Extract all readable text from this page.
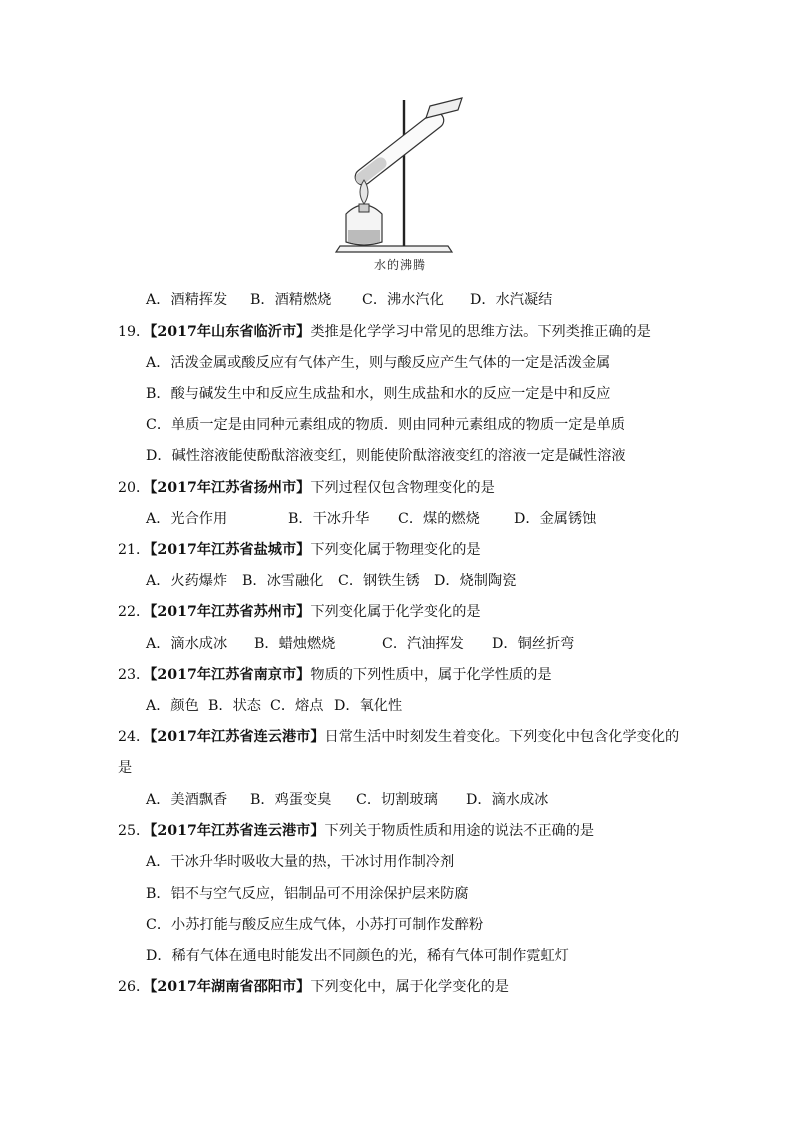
水的沸腾
A．酒精挥发 B．酒精燃烧 C．沸水汽化 D．水汽凝结
19．【2017年山东省临沂市】类推是化学学习中常见的思维方法。下列类推正确的是
A．活泼金属或酸反应有气体产生，则与酸反应产生气体的一定是活泼金属
B．酸与碱发生中和反应生成盐和水，则生成盐和水的反应一定是中和反应
C．单质一定是由同种元素组成的物质．则由同种元素组成的物质一定是单质
D．碱性溶液能使酚酞溶液变红，则能使阶酞溶液变红的溶液一定是碱性溶液
20．【2017年江苏省扬州市】下列过程仅包含物理变化的是
A．光合作用	B．干冰升华 C．煤的燃烧 D．金属锈蚀
21．【2017年江苏省盐城市】下列变化属于物理变化的是
A．火药爆炸 B．冰雪融化 C．钢铁生锈 D．烧制陶瓷
22．【2017年江苏省苏州市】下列变化属于化学变化的是
A．滴水成冰 B．蜡烛燃烧	C．汽油挥发 D．铜丝折弯
23．【2017年江苏省南京市】物质的下列性质中，属于化学性质的是
A．颜色 B．状态 C．熔点 D．氧化性
24．【2017年江苏省连云港市】日常生活中时刻发生着变化。下列变化中包含化学变化的
是
A．美酒飘香 B．鸡蛋变臭 C．切割玻璃 D．滴水成冰
25．【2017年江苏省连云港市】下列关于物质性质和用途的说法不正确的是
A．干冰升华时吸收大量的热，干冰讨用作制冷剂
B．铝不与空气反应，铝制品可不用涂保护层来防腐
C．小苏打能与酸反应生成气体，小苏打可制作发醉粉
D．稀有气体在通电时能发出不同颜色的光，稀有气体可制作霓虹灯
26．【2017年湖南省邵阳市】下列变化中，属于化学变化的是
